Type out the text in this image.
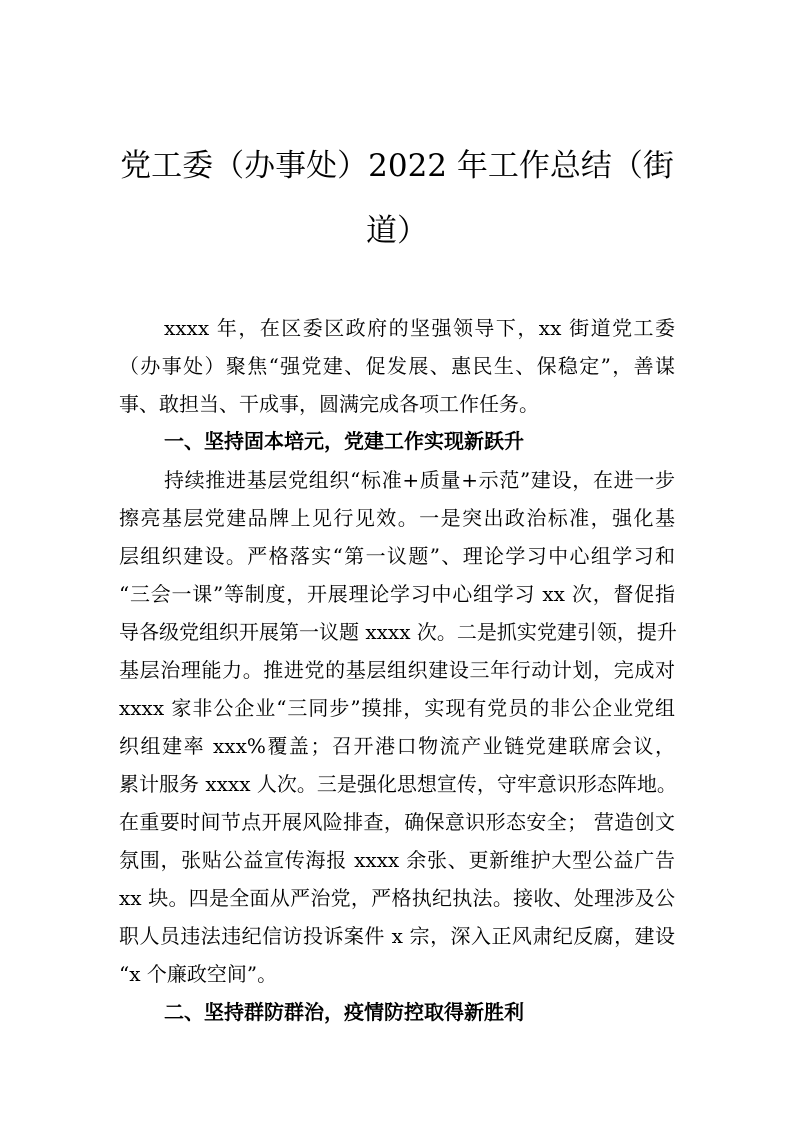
党工委（办事处）2022 年工作总结（街
道）
xxxx 年，在区委区政府的坚强领导下，xx 街道党工委
（办事处）聚焦“强党建、促发展、惠民生、保稳定”，善谋
事、敢担当、干成事，圆满完成各项工作任务。
一、坚持固本培元，党建工作实现新跃升
持续推进基层党组织“标准+质量+示范”建设，在进一步
擦亮基层党建品牌上见行见效。一是突出政治标准，强化基
层组织建设。严格落实“第一议题”、理论学习中心组学习和
“三会一课”等制度，开展理论学习中心组学习 xx 次，督促指
导各级党组织开展第一议题 xxxx 次。二是抓实党建引领，提升
基层治理能力。推进党的基层组织建设三年行动计划，完成对
xxxx 家非公企业“三同步”摸排，实现有党员的非公企业党组
织组建率 xxx%覆盖；召开港口物流产业链党建联席会议，
累计服务 xxxx 人次。三是强化思想宣传，守牢意识形态阵地。
在重要时间节点开展风险排查，确保意识形态安全； 营造创文
氛围，张贴公益宣传海报 xxxx 余张、更新维护大型公益广告
xx 块。四是全面从严治党，严格执纪执法。接收、处理涉及公
职人员违法违纪信访投诉案件 x 宗，深入正风肃纪反腐，建设
“x 个廉政空间”。
二、坚持群防群治，疫情防控取得新胜利
